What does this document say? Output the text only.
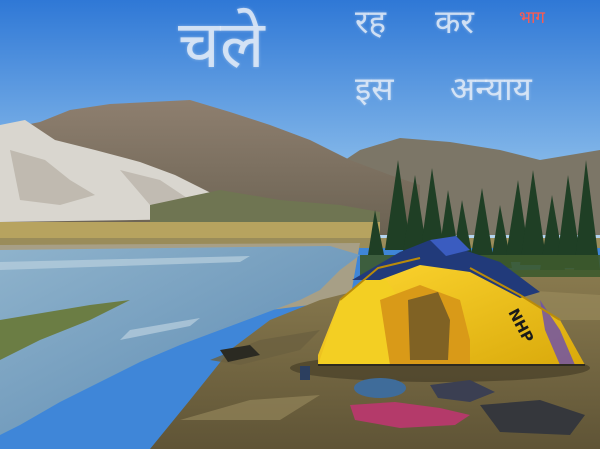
चले	रह कर
इस अन्याय
भाग
NHP
